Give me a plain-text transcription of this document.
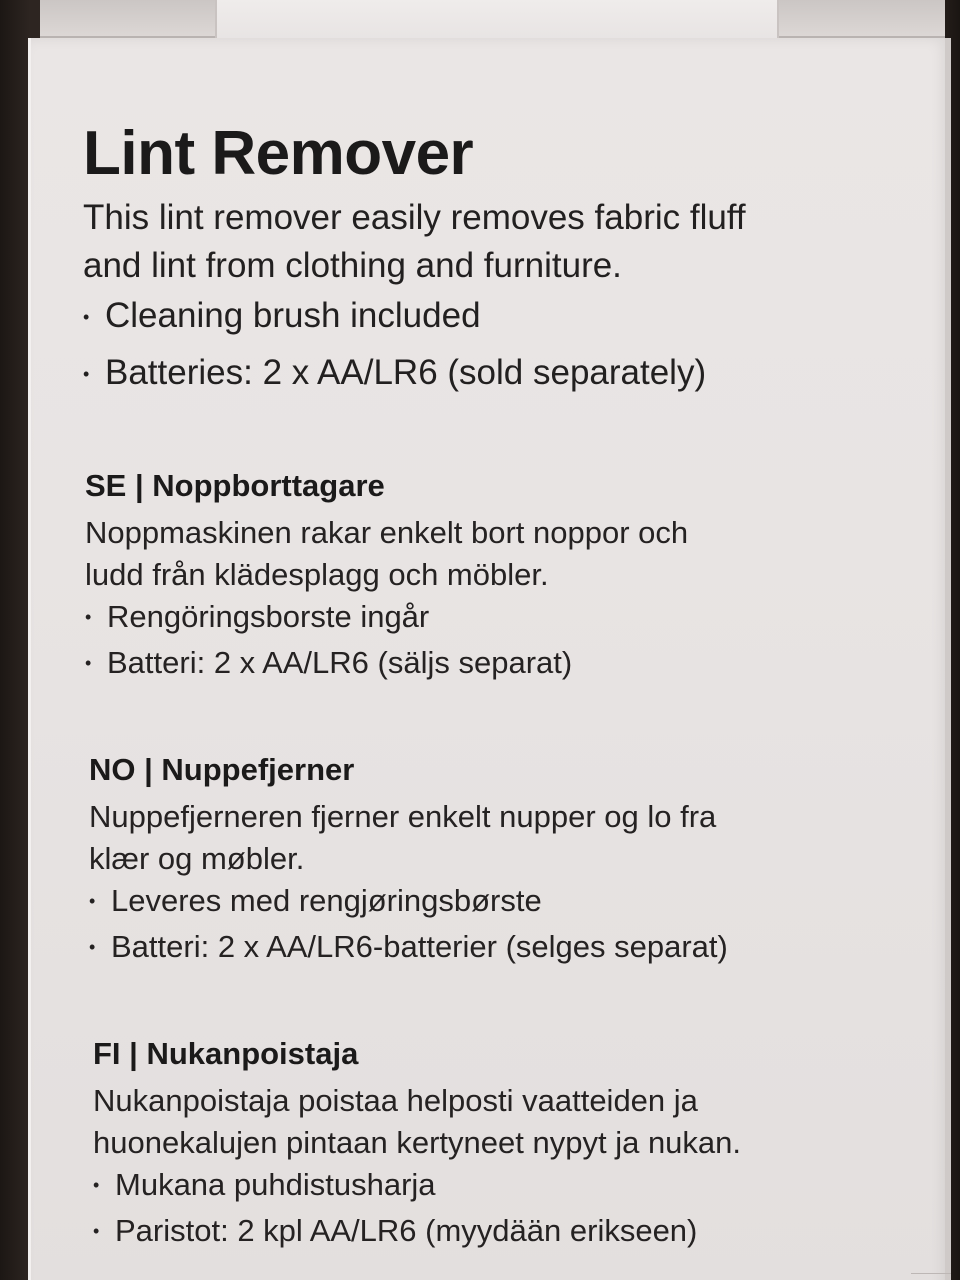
Lint Remover

This lint remover easily removes fabric fluff

and lint from clothing and furniture.

• Cleaning brush included
• Batteries: 2 x AA/LR6 (sold separately)

SE | Noppborttagare

Noppmaskinen rakar enkelt bort noppor och

ludd från klädesplagg och möbler.

• Rengöringsborste ingår
• Batteri: 2 x AA/LR6 (säljs separat)

NO | Nuppefjerner

Nuppefjerneren fjerner enkelt nupper og lo fra

klær og møbler.

• Leveres med rengjøringsbørste
• Batteri: 2 x AA/LR6-batterier (selges separat)

FI | Nukanpoistaja

Nukanpoistaja poistaa helposti vaatteiden ja

huonekalujen pintaan kertyneet nypyt ja nukan.

• Mukana puhdistusharja
• Paristot: 2 kpl AA/LR6 (myydään erikseen)
